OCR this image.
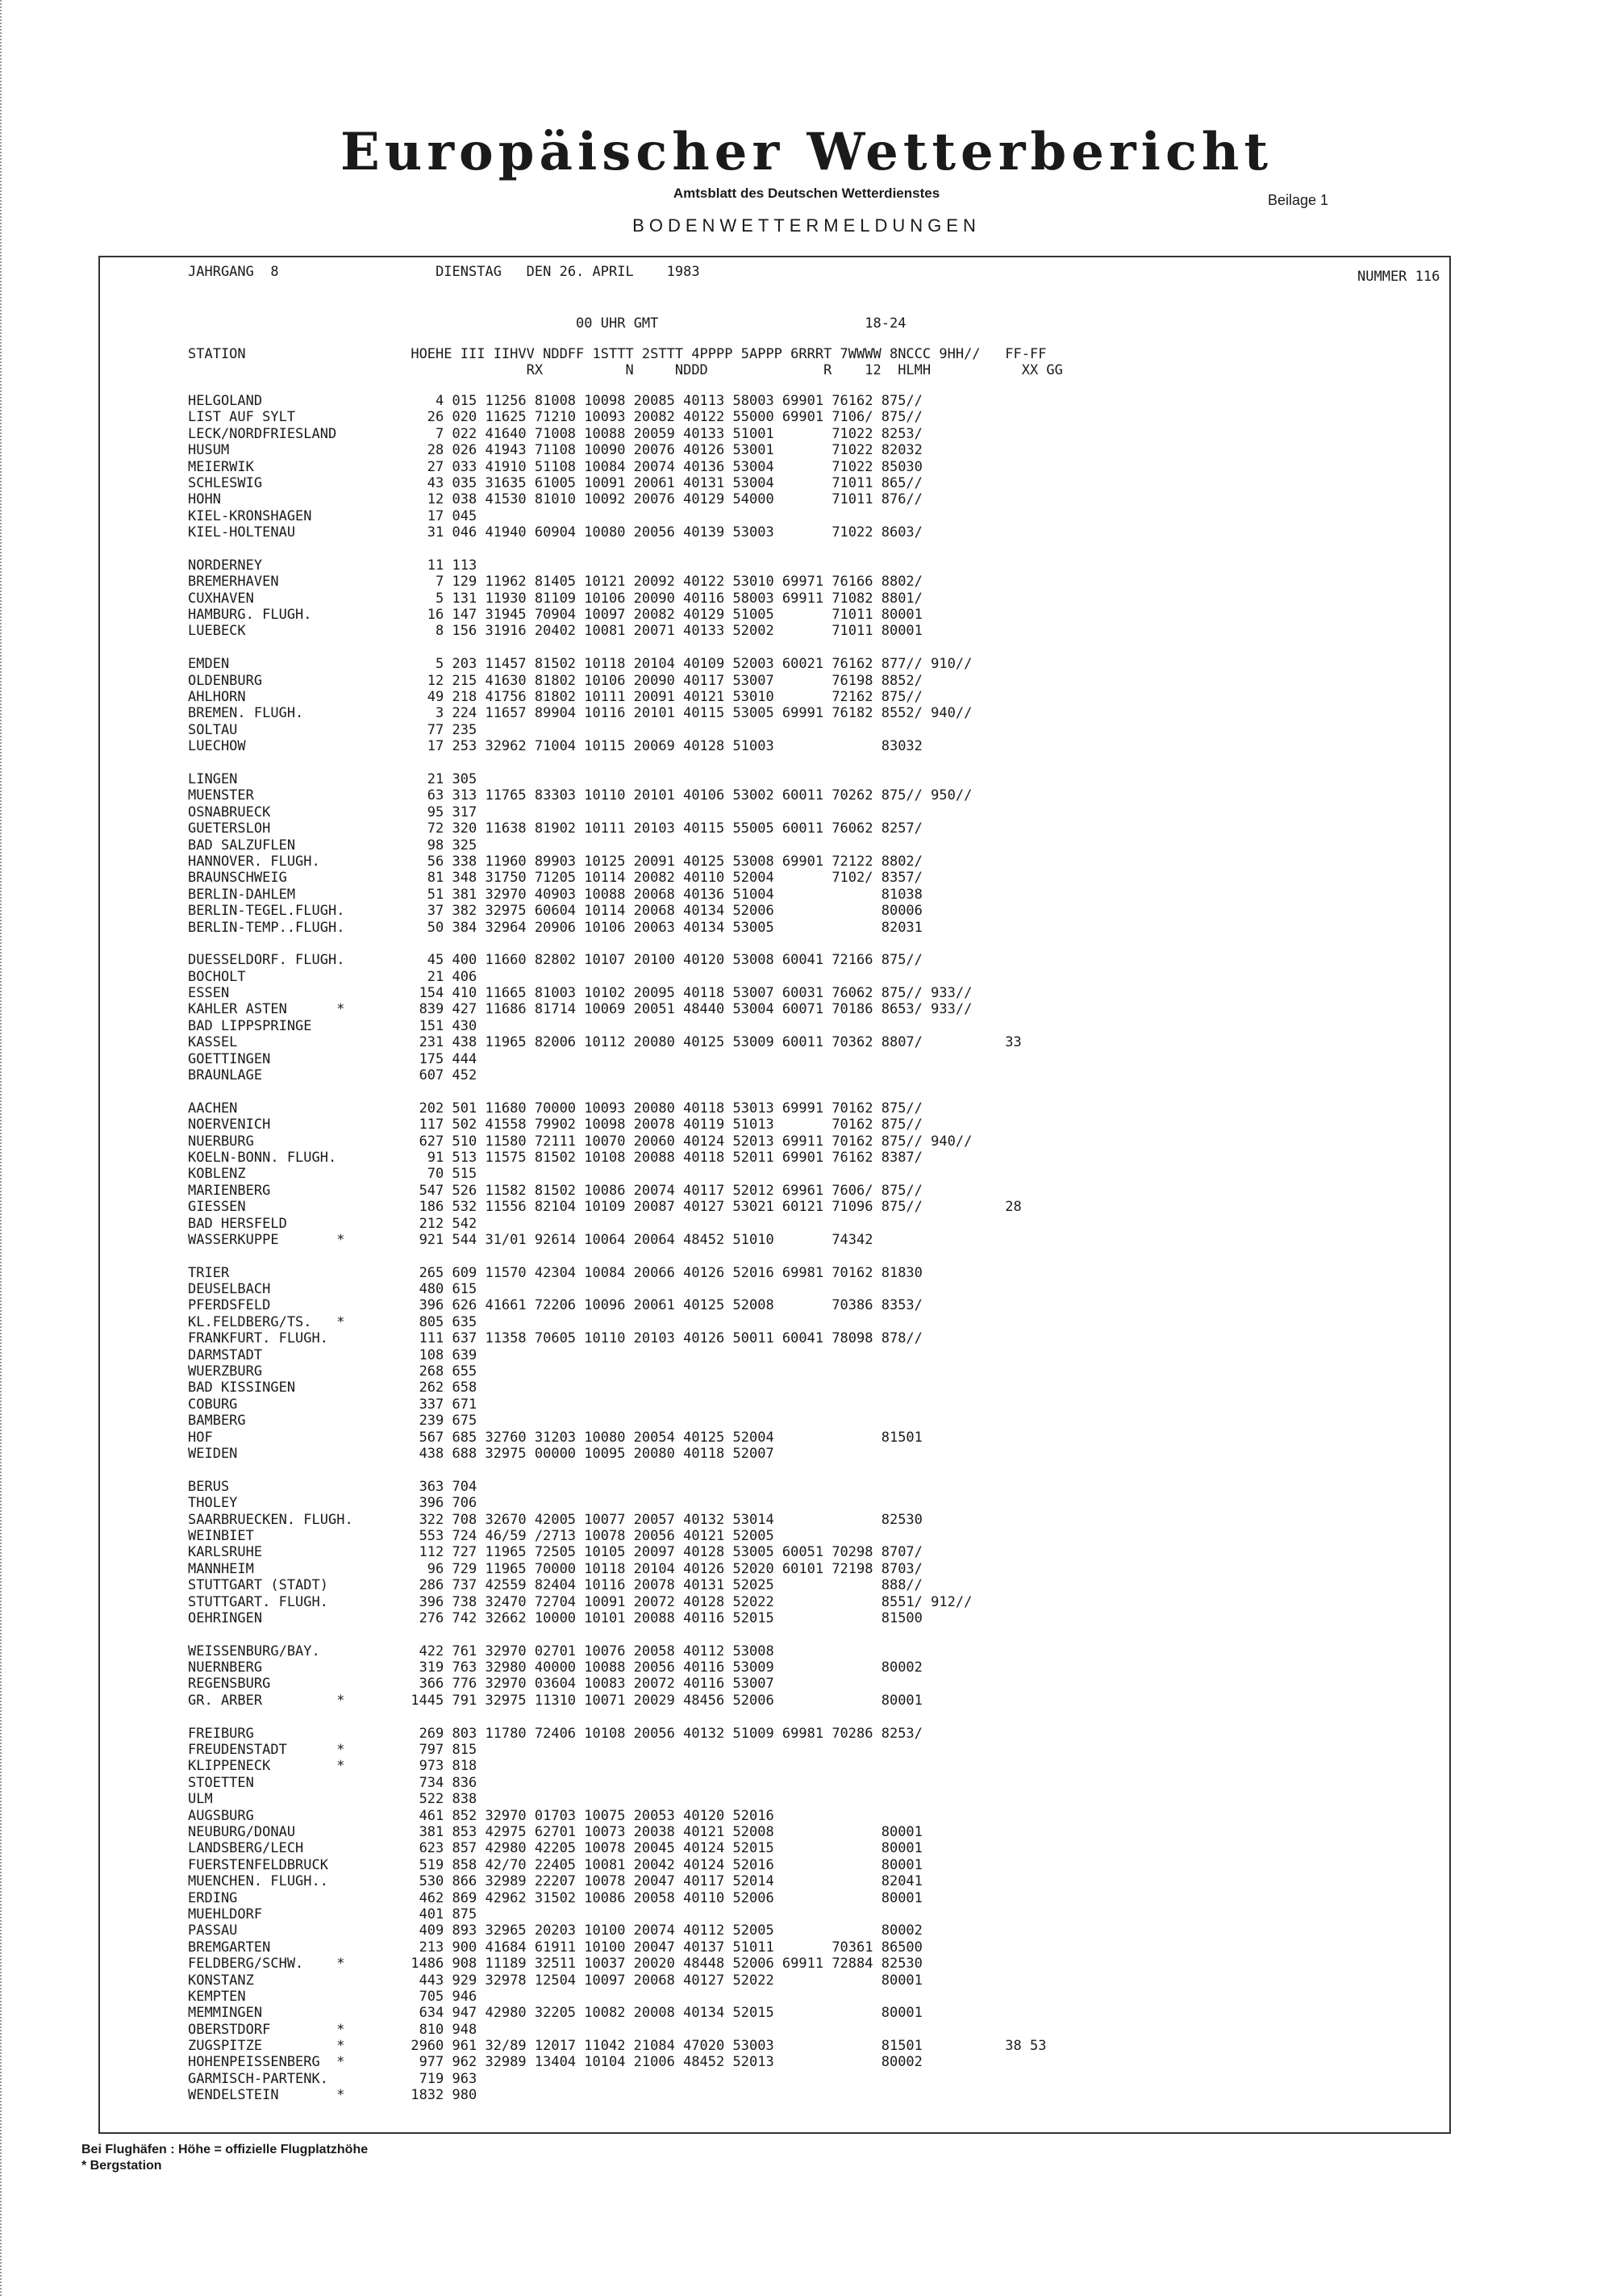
Europäischer Wetterbericht
Amtsblatt des Deutschen Wetterdienstes
BODENWETTERMELDUNGEN
Beilage 1
JAHRGANG  8	DIENSTAG   DEN 26. APRIL    1983	NUMMER 116
00 UHR GMT	18-24
STATION                    HOEHE III IIHVV NDDFF 1STTT 2STTT 4PPPP 5APPP 6RRRT 7WWWW 8NCCC 9HH//   FF-FF
RX          N     NDDD              R    12  HLMH           XX GG
HELGOLAND                     4 015 11256 81008 10098 20085 40113 58003 69901 76162 875//
LIST AUF SYLT                26 020 11625 71210 10093 20082 40122 55000 69901 7106/ 875//
LECK/NORDFRIESLAND            7 022 41640 71008 10088 20059 40133 51001       71022 8253/
HUSUM                        28 026 41943 71108 10090 20076 40126 53001       71022 82032
MEIERWIK                     27 033 41910 51108 10084 20074 40136 53004       71022 85030
SCHLESWIG                    43 035 31635 61005 10091 20061 40131 53004       71011 865//
HOHN                         12 038 41530 81010 10092 20076 40129 54000       71011 876//
KIEL-KRONSHAGEN              17 045
KIEL-HOLTENAU                31 046 41940 60904 10080 20056 40139 53003       71022 8603/
NORDERNEY                    11 113
BREMERHAVEN                   7 129 11962 81405 10121 20092 40122 53010 69971 76166 8802/
CUXHAVEN                      5 131 11930 81109 10106 20090 40116 58003 69911 71082 8801/
HAMBURG. FLUGH.              16 147 31945 70904 10097 20082 40129 51005       71011 80001
LUEBECK                       8 156 31916 20402 10081 20071 40133 52002       71011 80001
EMDEN                         5 203 11457 81502 10118 20104 40109 52003 60021 76162 877// 910//
OLDENBURG                    12 215 41630 81802 10106 20090 40117 53007       76198 8852/
AHLHORN                      49 218 41756 81802 10111 20091 40121 53010       72162 875//
BREMEN. FLUGH.                3 224 11657 89904 10116 20101 40115 53005 69991 76182 8552/ 940//
SOLTAU                       77 235
LUECHOW                      17 253 32962 71004 10115 20069 40128 51003             83032
LINGEN                       21 305
MUENSTER                     63 313 11765 83303 10110 20101 40106 53002 60011 70262 875// 950//
OSNABRUECK                   95 317
GUETERSLOH                   72 320 11638 81902 10111 20103 40115 55005 60011 76062 8257/
BAD SALZUFLEN                98 325
HANNOVER. FLUGH.             56 338 11960 89903 10125 20091 40125 53008 69901 72122 8802/
BRAUNSCHWEIG                 81 348 31750 71205 10114 20082 40110 52004       7102/ 8357/
BERLIN-DAHLEM                51 381 32970 40903 10088 20068 40136 51004             81038
BERLIN-TEGEL.FLUGH.          37 382 32975 60604 10114 20068 40134 52006             80006
BERLIN-TEMP..FLUGH.          50 384 32964 20906 10106 20063 40134 53005             82031
DUESSELDORF. FLUGH.          45 400 11660 82802 10107 20100 40120 53008 60041 72166 875//
BOCHOLT                      21 406
ESSEN                       154 410 11665 81003 10102 20095 40118 53007 60031 76062 875// 933//
KAHLER ASTEN      *         839 427 11686 81714 10069 20051 48440 53004 60071 70186 8653/ 933//
BAD LIPPSPRINGE             151 430
KASSEL                      231 438 11965 82006 10112 20080 40125 53009 60011 70362 8807/          33
GOETTINGEN                  175 444
BRAUNLAGE                   607 452
AACHEN                      202 501 11680 70000 10093 20080 40118 53013 69991 70162 875//
NOERVENICH                  117 502 41558 79902 10098 20078 40119 51013       70162 875//
NUERBURG                    627 510 11580 72111 10070 20060 40124 52013 69911 70162 875// 940//
KOELN-BONN. FLUGH.           91 513 11575 81502 10108 20088 40118 52011 69901 76162 8387/
KOBLENZ                      70 515
MARIENBERG                  547 526 11582 81502 10086 20074 40117 52012 69961 7606/ 875//
GIESSEN                     186 532 11556 82104 10109 20087 40127 53021 60121 71096 875//          28
BAD HERSFELD                212 542
WASSERKUPPE       *         921 544 31/01 92614 10064 20064 48452 51010       74342
TRIER                       265 609 11570 42304 10084 20066 40126 52016 69981 70162 81830
DEUSELBACH                  480 615
PFERDSFELD                  396 626 41661 72206 10096 20061 40125 52008       70386 8353/
KL.FELDBERG/TS.   *         805 635
FRANKFURT. FLUGH.           111 637 11358 70605 10110 20103 40126 50011 60041 78098 878//
DARMSTADT                   108 639
WUERZBURG                   268 655
BAD KISSINGEN               262 658
COBURG                      337 671
BAMBERG                     239 675
HOF                         567 685 32760 31203 10080 20054 40125 52004             81501
WEIDEN                      438 688 32975 00000 10095 20080 40118 52007
BERUS                       363 704
THOLEY                      396 706
SAARBRUECKEN. FLUGH.        322 708 32670 42005 10077 20057 40132 53014             82530
WEINBIET                    553 724 46/59 /2713 10078 20056 40121 52005
KARLSRUHE                   112 727 11965 72505 10105 20097 40128 53005 60051 70298 8707/
MANNHEIM                     96 729 11965 70000 10118 20104 40126 52020 60101 72198 8703/
STUTTGART (STADT)           286 737 42559 82404 10116 20078 40131 52025             888//
STUTTGART. FLUGH.           396 738 32470 72704 10091 20072 40128 52022             8551/ 912//
OEHRINGEN                   276 742 32662 10000 10101 20088 40116 52015             81500
WEISSENBURG/BAY.            422 761 32970 02701 10076 20058 40112 53008
NUERNBERG                   319 763 32980 40000 10088 20056 40116 53009             80002
REGENSBURG                  366 776 32970 03604 10083 20072 40116 53007
GR. ARBER         *        1445 791 32975 11310 10071 20029 48456 52006             80001
FREIBURG                    269 803 11780 72406 10108 20056 40132 51009 69981 70286 8253/
FREUDENSTADT      *         797 815
KLIPPENECK        *         973 818
STOETTEN                    734 836
ULM                         522 838
AUGSBURG                    461 852 32970 01703 10075 20053 40120 52016
NEUBURG/DONAU               381 853 42975 62701 10073 20038 40121 52008             80001
LANDSBERG/LECH              623 857 42980 42205 10078 20045 40124 52015             80001
FUERSTENFELDBRUCK           519 858 42/70 22405 10081 20042 40124 52016             80001
MUENCHEN. FLUGH..           530 866 32989 22207 10078 20047 40117 52014             82041
ERDING                      462 869 42962 31502 10086 20058 40110 52006             80001
MUEHLDORF                   401 875
PASSAU                      409 893 32965 20203 10100 20074 40112 52005             80002
BREMGARTEN                  213 900 41684 61911 10100 20047 40137 51011       70361 86500
FELDBERG/SCHW.    *        1486 908 11189 32511 10037 20020 48448 52006 69911 72884 82530
KONSTANZ                    443 929 32978 12504 10097 20068 40127 52022             80001
KEMPTEN                     705 946
MEMMINGEN                   634 947 42980 32205 10082 20008 40134 52015             80001
OBERSTDORF        *         810 948
ZUGSPITZE         *        2960 961 32/89 12017 11042 21084 47020 53003             81501          38 53
HOHENPEISSENBERG  *         977 962 32989 13404 10104 21006 48452 52013             80002
GARMISCH-PARTENK.           719 963
WENDELSTEIN       *        1832 980
Bei Flughäfen : Höhe = offizielle Flugplatzhöhe
* Bergstation
